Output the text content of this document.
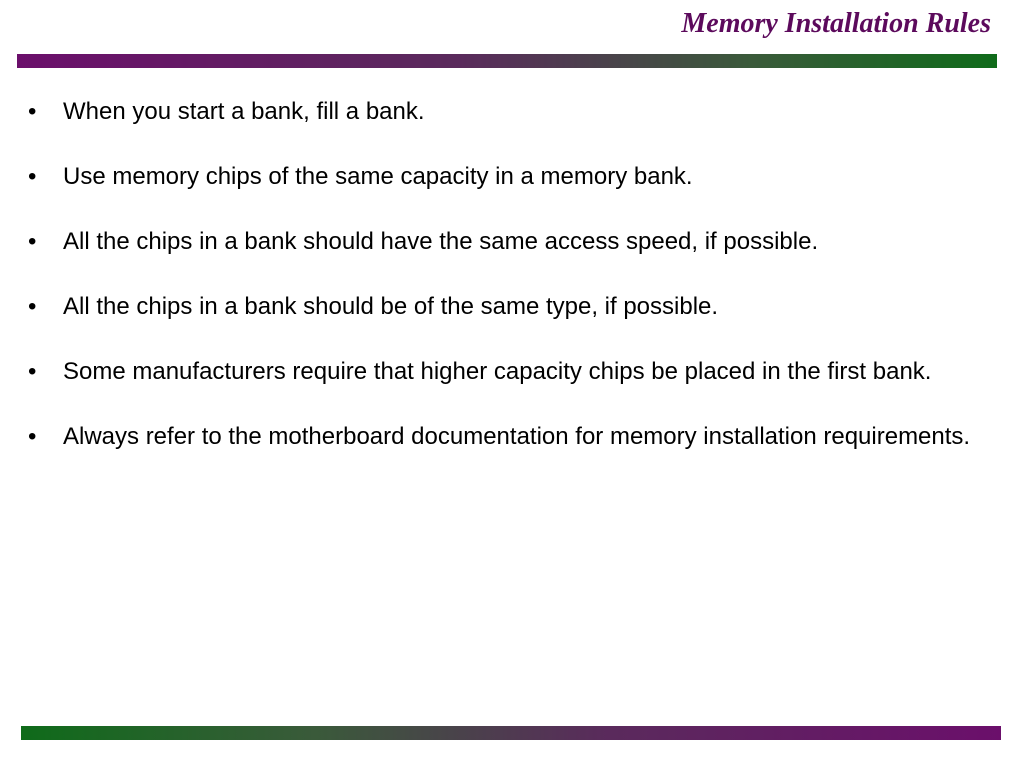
Memory Installation Rules
•	When you start a bank, fill a bank.
•	Use memory chips of the same capacity in a memory bank.
•	All the chips in a bank should have the same access speed, if possible.
•	All the chips in a bank should be of the same type, if possible.
•	Some manufacturers require that higher capacity chips be placed in the first bank.
•	Always refer to the motherboard documentation for memory installation requirements.
